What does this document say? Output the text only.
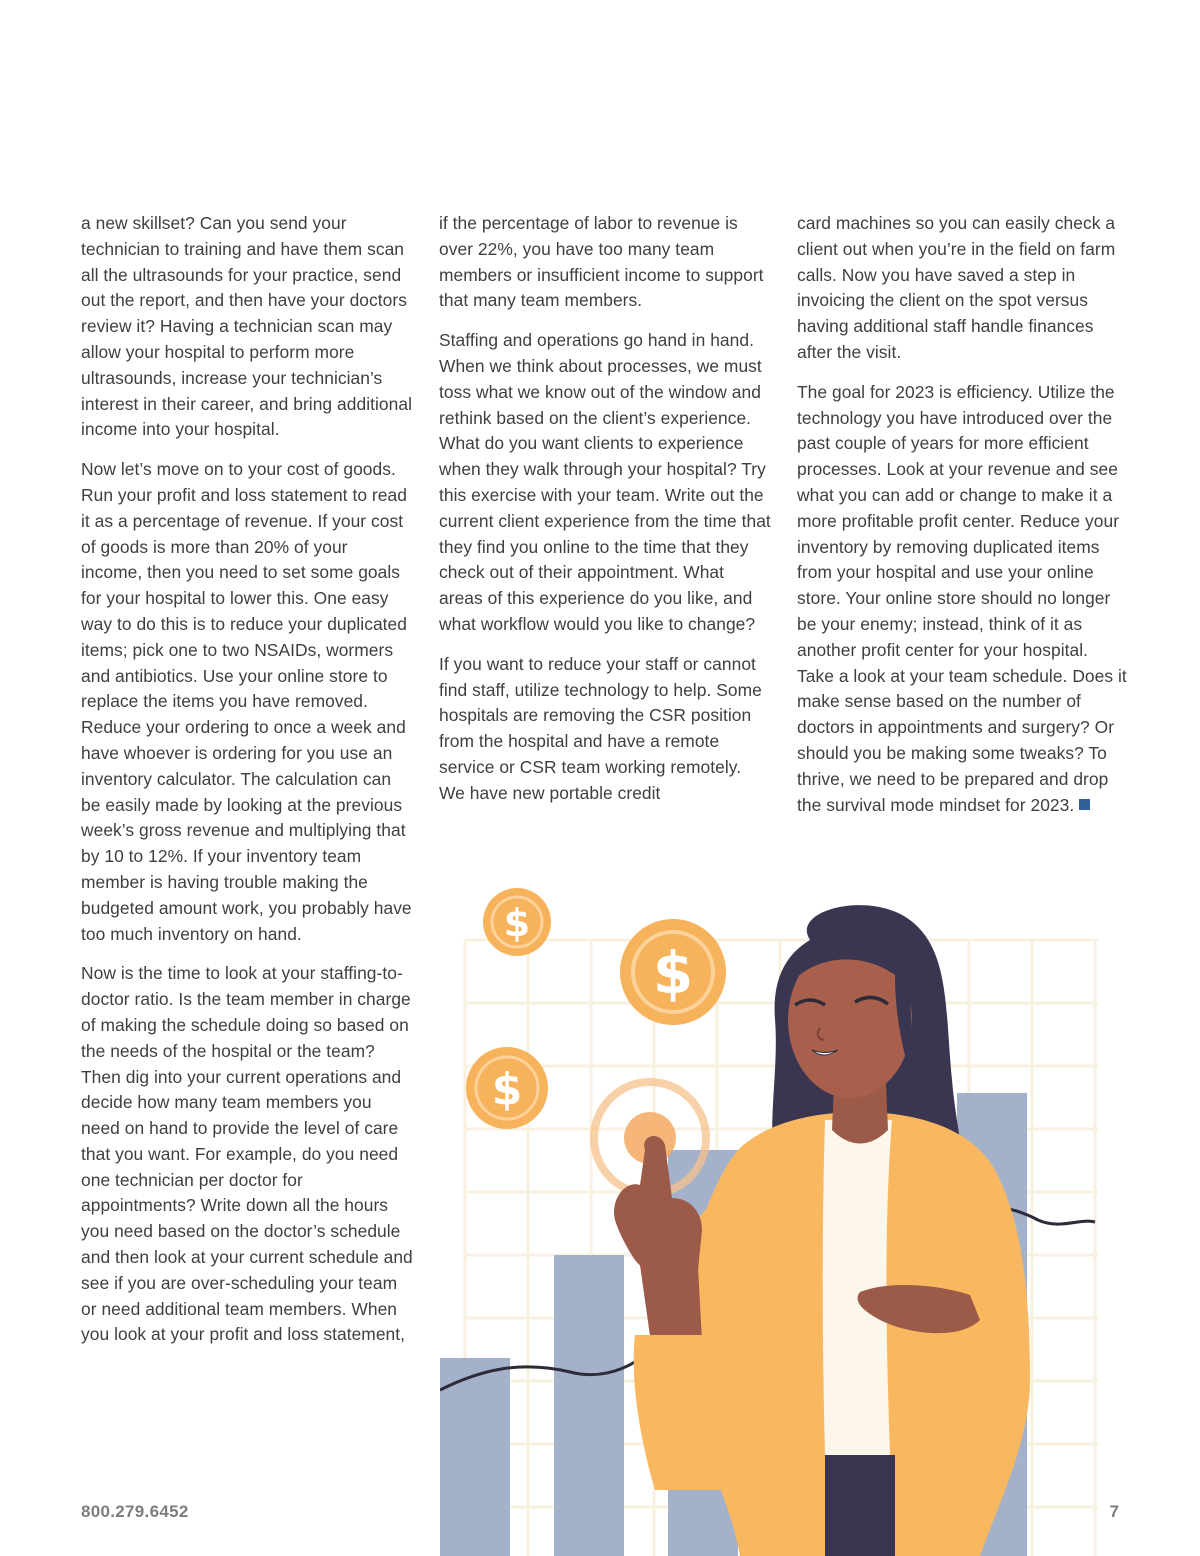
a new skillset? Can you send your technician to training and have them scan all the ultrasounds for your practice, send out the report, and then have your doctors review it? Having a technician scan may allow your hospital to perform more ultrasounds, increase your technician’s interest in their career, and bring additional income into your hospital.

Now let’s move on to your cost of goods. Run your profit and loss statement to read it as a percentage of revenue. If your cost of goods is more than 20% of your income, then you need to set some goals for your hospital to lower this. One easy way to do this is to reduce your duplicated items; pick one to two NSAIDs, wormers and antibiotics. Use your online store to replace the items you have removed. Reduce your ordering to once a week and have whoever is ordering for you use an inventory calculator. The calculation can be easily made by looking at the previous week’s gross revenue and multiplying that by 10 to 12%. If your inventory team member is having trouble making the budgeted amount work, you probably have too much inventory on hand.

Now is the time to look at your staffing-to-doctor ratio. Is the team member in charge of making the schedule doing so based on the needs of the hospital or the team? Then dig into your current operations and decide how many team members you need on hand to provide the level of care that you want. For example, do you need one technician per doctor for appointments? Write down all the hours you need based on the doctor’s schedule and then look at your current schedule and see if you are over-scheduling your team or need additional team members. When you look at your profit and loss statement,

if the percentage of labor to revenue is over 22%, you have too many team members or insufficient income to support that many team members.

Staffing and operations go hand in hand. When we think about processes, we must toss what we know out of the window and rethink based on the client’s experience. What do you want clients to experience when they walk through your hospital? Try this exercise with your team. Write out the current client experience from the time that they find you online to the time that they check out of their appointment. What areas of this experience do you like, and what workflow would you like to change?

If you want to reduce your staff or cannot find staff, utilize technology to help. Some hospitals are removing the CSR position from the hospital and have a remote service or CSR team working remotely. We have new portable credit

card machines so you can easily check a client out when you’re in the field on farm calls. Now you have saved a step in invoicing the client on the spot versus having additional staff handle finances after the visit.

The goal for 2023 is efficiency. Utilize the technology you have introduced over the past couple of years for more efficient processes. Look at your revenue and see what you can add or change to make it a more profitable profit center. Reduce your inventory by removing duplicated items from your hospital and use your online store. Your online store should no longer be your enemy; instead, think of it as another profit center for your hospital. Take a look at your team schedule. Does it make sense based on the number of doctors in appointments and surgery? Or should you be making some tweaks? To thrive, we need to be prepared and drop the survival mode mindset for 2023.

$
$
$
800.279.6452	7
